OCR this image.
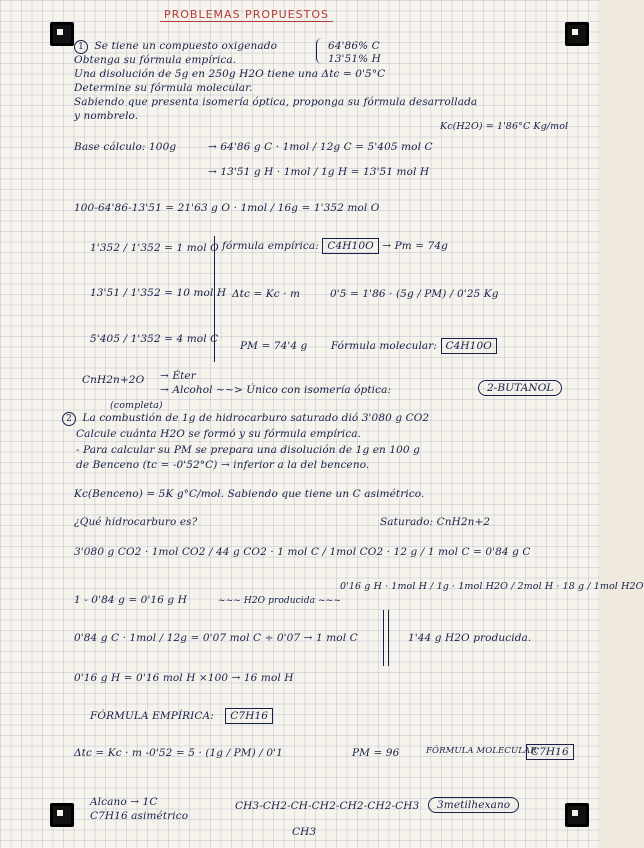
PROBLEMAS PROPUESTOS
1 Se tiene un compuesto oxigenado	64'86% C
13'51% H
Obtenga su fórmula empírica.
Una disolución de 5g en 250g H2O tiene una Δtc = 0'5°C
Determine su fórmula molecular.
Sabiendo que presenta isomería óptica, proponga su fórmula desarrollada
y nombrelo.
Kc(H2O) = 1'86°C Kg/mol
Base cálculo: 100g	→ 64'86 g C · 1mol / 12g C = 5'405 mol C
→ 13'51 g H · 1mol / 1g H = 13'51 mol H
100-64'86-13'51 = 21'63 g O · 1mol / 16g = 1'352 mol O
1'352 / 1'352 = 1 mol O
13'51 / 1'352 = 10 mol H
5'405 / 1'352 = 4 mol C
fórmula empírica: C4H10O → Pm = 74g
Δtc = Kc · m	0'5 = 1'86 · (5g / PM) / 0'25 Kg
PM = 74'4 g Fórmula molecular: C4H10O
CnH2n+2O → Éter
→ Alcohol ~~> Único con isomería óptica:	2-BUTANOL
(completa)
2 La combustión de 1g de hidrocarburo saturado dió 3'080 g CO2
Calcule cuánta H2O se formó y su fórmula empírica.
- Para calcular su PM se prepara una disolución de 1g en 100 g
de Benceno (tc = -0'52°C) → inferior a la del benceno.
Kc(Benceno) = 5K g°C/mol. Sabiendo que tiene un C asimétrico.
¿Qué hidrocarburo es?	Saturado: CnH2n+2
3'080 g CO2 · 1mol CO2 / 44 g CO2 · 1 mol C / 1mol CO2 · 12 g / 1 mol C = 0'84 g C
1 - 0'84 g = 0'16 g H	~~~ H2O producida ~~~
0'16 g H · 1mol H / 1g · 1mol H2O / 2mol H · 18 g / 1mol H2O
0'84 g C · 1mol / 12g = 0'07 mol C ÷ 0'07 → 1 mol C	1'44 g H2O producida.
0'16 g H = 0'16 mol H ×100 → 16 mol H
FÓRMULA EMPÍRICA: C7H16
Δtc = Kc · m -0'52 = 5 · (1g / PM) / 0'1	PM = 96	FÓRMULA MOLECULAR
C7H16
Alcano → 1C
C7H16 asimétrico
CH3-CH2-CH-CH2-CH2-CH2-CH3
CH3
3metilhexano
